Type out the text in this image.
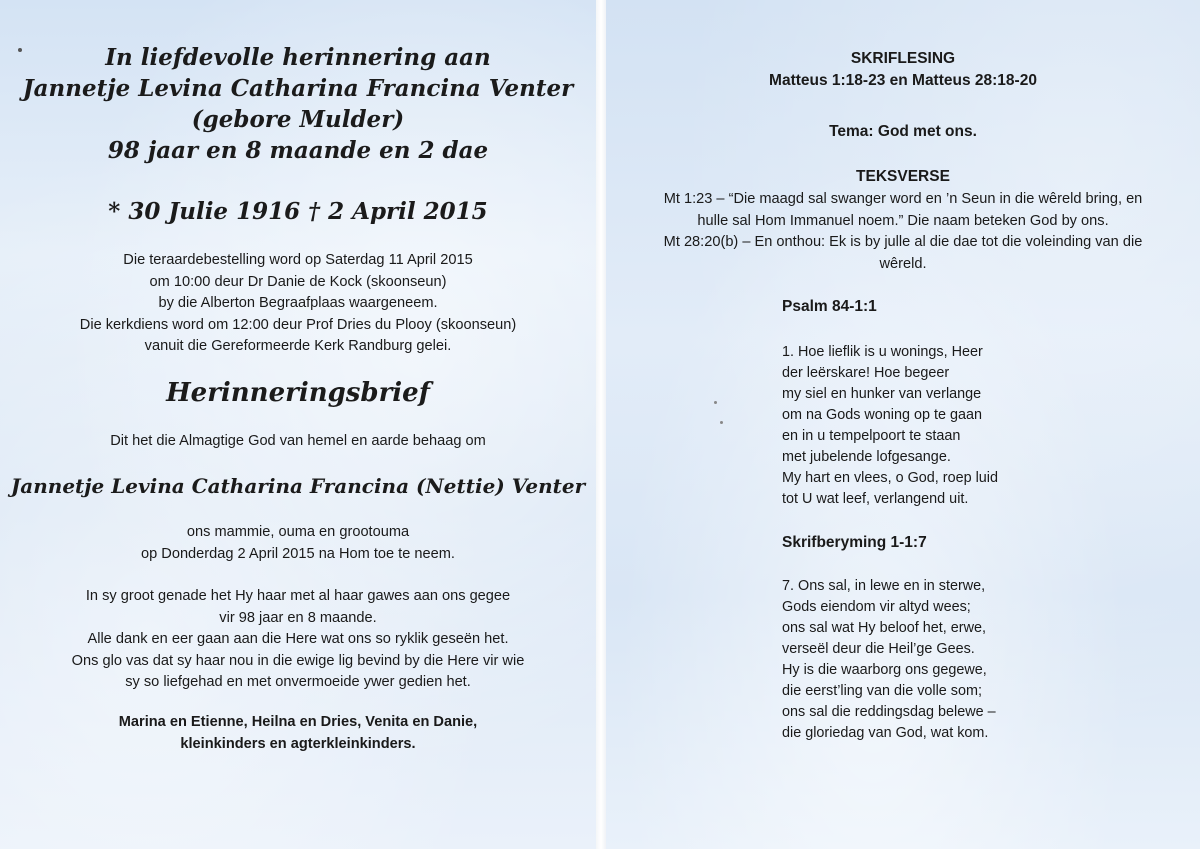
In liefdevolle herinnering aan

Jannetje Levina Catharina Francina Venter

(gebore Mulder)

98 jaar en 8 maande en 2 dae

* 30 Julie 1916 † 2 April 2015

Die teraardebestelling word op Saterdag 11 April 2015

om 10:00 deur Dr Danie de Kock (skoonseun)

by die Alberton Begraafplaas waargeneem.

Die kerkdiens word om 12:00 deur Prof Dries du Plooy (skoonseun)

vanuit die Gereformeerde Kerk Randburg gelei.

Herinneringsbrief

Dit het die Almagtige God van hemel en aarde behaag om

Jannetje Levina Catharina Francina (Nettie) Venter

ons mammie, ouma en grootouma

op Donderdag 2 April 2015 na Hom toe te neem.

In sy groot genade het Hy haar met al haar gawes aan ons gegee

vir 98 jaar en 8 maande.

Alle dank en eer gaan aan die Here wat ons so ryklik geseën het.

Ons glo vas dat sy haar nou in die ewige lig bevind by die Here vir wie

sy so liefgehad en met onvermoeide ywer gedien het.

Marina en Etienne, Heilna en Dries, Venita en Danie,

kleinkinders en agterkleinkinders.

SKRIFLESING

Matteus 1:18-23 en Matteus 28:18-20

Tema: God met ons.

TEKSVERSE

Mt 1:23 – “Die maagd sal swanger word en ’n Seun in die wêreld bring, en

hulle sal Hom Immanuel noem.” Die naam beteken God by ons.

Mt 28:20(b) – En onthou: Ek is by julle al die dae tot die voleinding van die

wêreld.

Psalm 84-1:1

1. Hoe lieflik is u wonings, Heer

der leërskare! Hoe begeer

my siel en hunker van verlange

om na Gods woning op te gaan

en in u tempelpoort te staan

met jubelende lofgesange.

My hart en vlees, o God, roep luid

tot U wat leef, verlangend uit.

Skrifberyming 1-1:7

7. Ons sal, in lewe en in sterwe,

Gods eiendom vir altyd wees;

ons sal wat Hy beloof het, erwe,

verseël deur die Heil’ge Gees.

Hy is die waarborg ons gegewe,

die eerst’ling van die volle som;

ons sal die reddingsdag belewe –

die gloriedag van God, wat kom.
